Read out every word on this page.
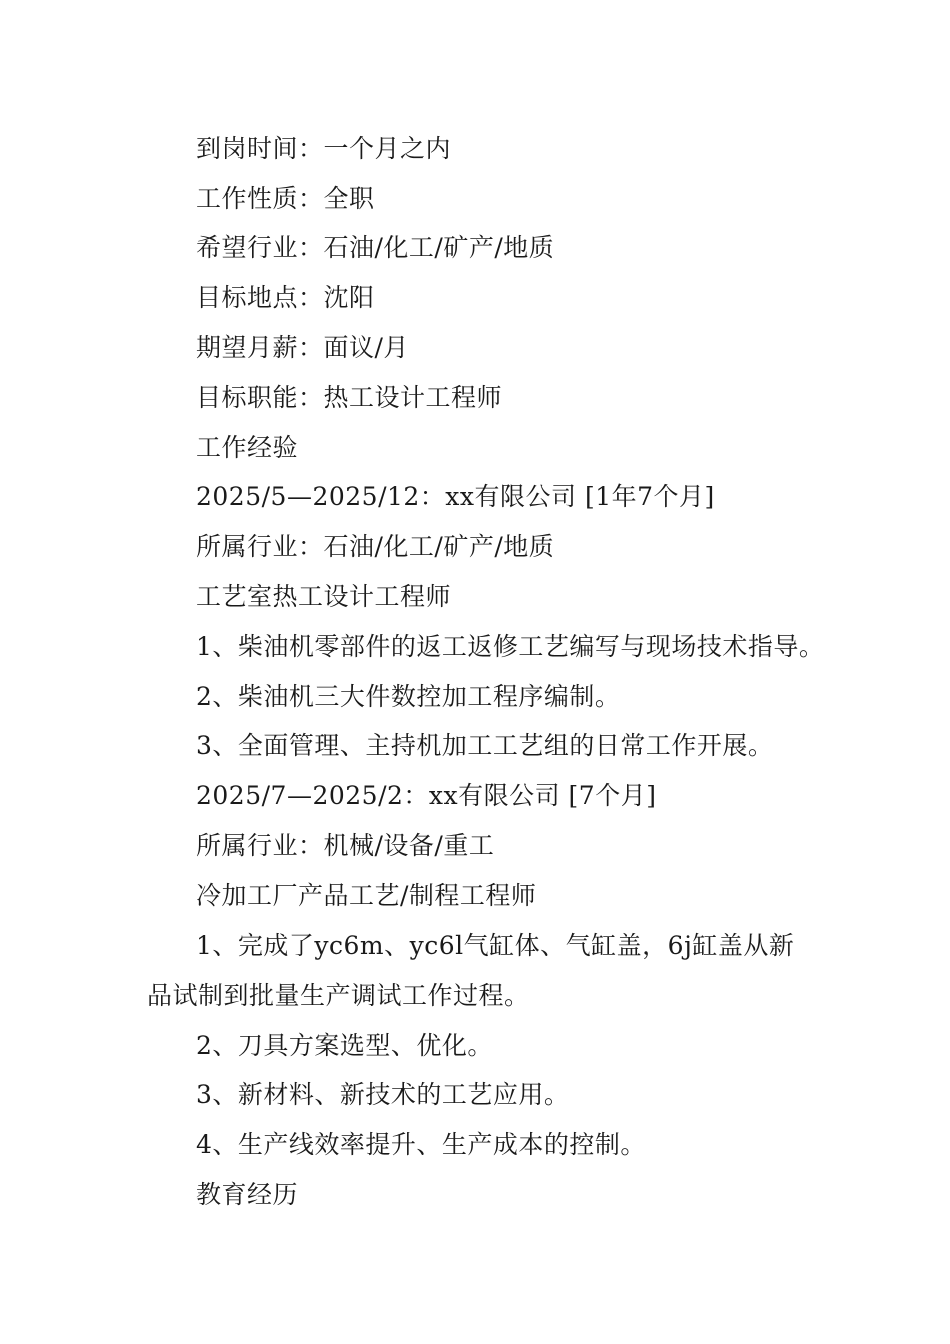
到岗时间：一个月之内
工作性质：全职
希望行业：石油/化工/矿产/地质
目标地点：沈阳
期望月薪：面议/月
目标职能：热工设计工程师
工作经验
2025/5—2025/12：xx有限公司 [1年7个月]
所属行业：石油/化工/矿产/地质
工艺室热工设计工程师
1、柴油机零部件的返工返修工艺编写与现场技术指导。
2、柴油机三大件数控加工程序编制。
3、全面管理、主持机加工工艺组的日常工作开展。
2025/7—2025/2：xx有限公司 [7个月]
所属行业：机械/设备/重工
冷加工厂产品工艺/制程工程师
1、完成了yc6m、yc6l气缸体、气缸盖，6j缸盖从新
品试制到批量生产调试工作过程。
2、刀具方案选型、优化。
3、新材料、新技术的工艺应用。
4、生产线效率提升、生产成本的控制。
教育经历
